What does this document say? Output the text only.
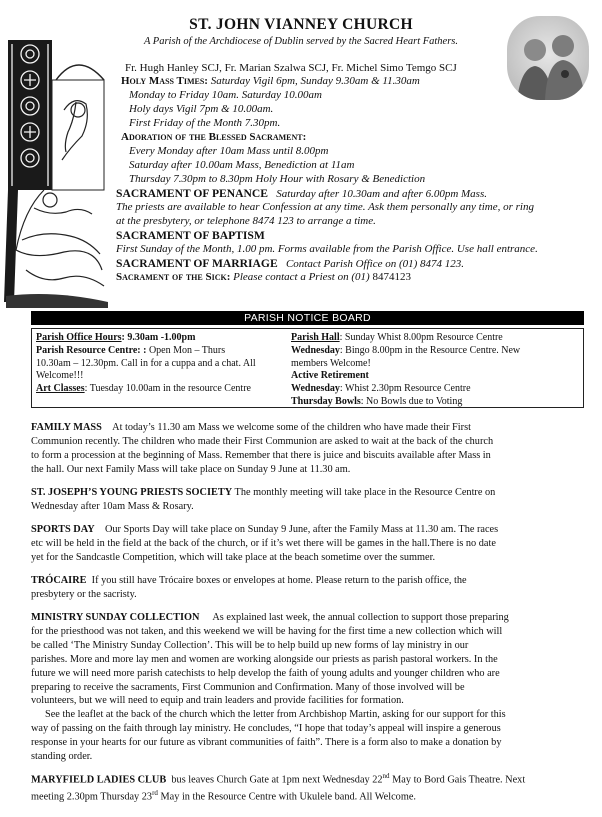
ST. JOHN VIANNEY CHURCH
A Parish of the Archdiocese of Dublin served by the Sacred Heart Fathers.
Fr. Hugh Hanley SCJ, Fr. Marian Szalwa SCJ, Fr. Michel Simo Temgo SCJ
Holy Mass Times: Saturday Vigil 6pm, Sunday 9.30am & 11.30am
Monday to Friday 10am. Saturday 10.00am
Holy days Vigil 7pm & 10.00am.
First Friday of the Month 7.30pm.
Adoration of the Blessed Sacrament:
Every Monday after 10am Mass until 8.00pm
Saturday after 10.00am Mass, Benediction at 11am
Thursday 7.30pm to 8.30pm Holy Hour with Rosary & Benediction
SACRAMENT OF PENANCE Saturday after 10.30am and after 6.00pm Mass.
The priests are available to hear Confession at any time. Ask them personally any time, or ring
at the presbytery, or telephone 8474 123 to arrange a time.
SACRAMENT OF BAPTISM
First Sunday of the Month, 1.00 pm. Forms available from the Parish Office. Use hall entrance.
SACRAMENT OF MARRIAGE Contact Parish Office on (01) 8474 123.
Sacrament of the Sick: Please contact a Priest on (01) 8474123
PARISH NOTICE BOARD

Parish Office Hours: 9.30am -1.00pm

Parish Resource Centre: : Open Mon – Thurs

10.30am – 12.30pm. Call in for a cuppa and a chat. All

Welcome!!!

Art Classes: Tuesday 10.00am in the resource Centre

Parish Hall: Sunday Whist 8.00pm Resource Centre

Wednesday: Bingo 8.00pm in the Resource Centre. New

members Welcome!

Active Retirement

Wednesday: Whist 2.30pm Resource Centre

Thursday Bowls: No Bowls due to Voting

FAMILY MASS At today’s 11.30 am Mass we welcome some of the children who have made their First

Communion recently. The children who made their First Communion are asked to wait at the back of the church

to form a procession at the beginning of Mass. Remember that there is juice and biscuits available after Mass in

the hall. Our next Family Mass will take place on Sunday 9 June at 11.30 am.

ST. JOSEPH’S YOUNG PRIESTS SOCIETY The monthly meeting will take place in the Resource Centre on

Wednesday after 10am Mass & Rosary.

SPORTS DAY Our Sports Day will take place on Sunday 9 June, after the Family Mass at 11.30 am. The races

etc will be held in the field at the back of the church, or if it’s wet there will be games in the hall.There is no date

yet for the Sandcastle Competition, which will take place at the beach sometime over the summer.

TRÓCAIRE If you still have Trócaire boxes or envelopes at home. Please return to the parish office, the

presbytery or the sacristy.

MINISTRY SUNDAY COLLECTION As explained last week, the annual collection to support those preparing

for the priesthood was not taken, and this weekend we will be having for the first time a new collection which will

be called ‘The Ministry Sunday Collection’. This will be to help build up new forms of lay ministry in our

parishes. More and more lay men and women are working alongside our priests as parish pastoral workers. In the

future we will need more parish catechists to help develop the faith of young adults and younger children who are

preparing to receive the sacraments, First Communion and Confirmation. Many of those involved will be

volunteers, but we will need to equip and train leaders and provide facilities for formation.

See the leaflet at the back of the church which the letter from Archbishop Martin, asking for our support for this

way of passing on the faith through lay ministry. He concludes, “I hope that today’s appeal will inspire a generous

response in your hearts for our future as vibrant communities of faith”. There is a form also to make a donation by

standing order.

MARYFIELD LADIES CLUB bus leaves Church Gate at 1pm next Wednesday 22nd May to Bord Gais Theatre. Next

meeting 2.30pm Thursday 23rd May in the Resource Centre with Ukulele band. All Welcome.
